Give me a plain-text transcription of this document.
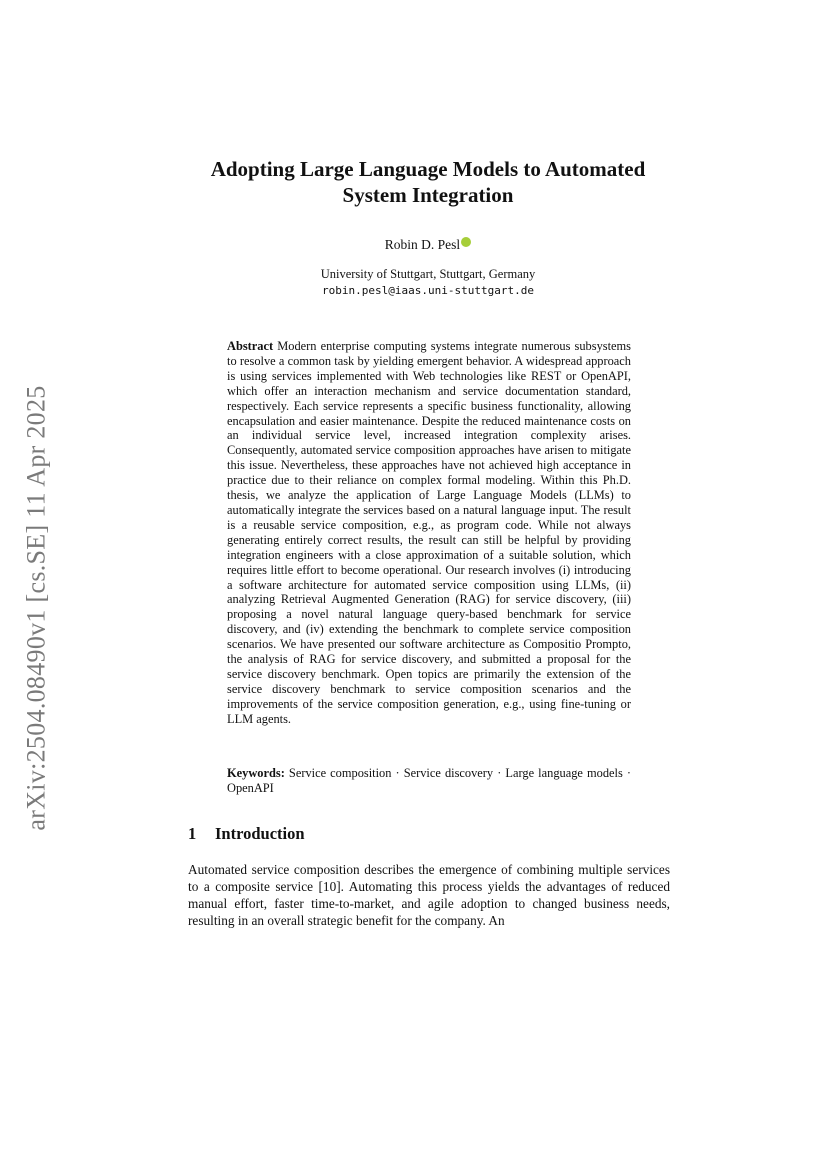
arXiv:2504.08490v1 [cs.SE] 11 Apr 2025
Adopting Large Language Models to Automated
System Integration
Robin D. Pesl
University of Stuttgart, Stuttgart, Germany
robin.pesl@iaas.uni-stuttgart.de

Abstract Modern enterprise computing systems integrate numerous subsystems to resolve a common task by yielding emergent behavior. A widespread approach is using services implemented with Web technologies like REST or OpenAPI, which offer an interaction mechanism and service documentation standard, respectively. Each service represents a specific business functionality, allowing encapsulation and easier maintenance. Despite the reduced maintenance costs on an individual service level, increased integration complexity arises. Consequently, automated service composition approaches have arisen to mitigate this issue. Nevertheless, these approaches have not achieved high acceptance in practice due to their reliance on complex formal modeling. Within this Ph.D. thesis, we analyze the application of Large Language Models (LLMs) to automatically integrate the services based on a natural language input. The result is a reusable service composition, e.g., as program code. While not always generating entirely correct results, the result can still be helpful by providing integration engineers with a close approximation of a suitable solution, which requires little effort to become operational. Our research involves (i) introducing a software architecture for automated service composition using LLMs, (ii) analyzing Retrieval Augmented Generation (RAG) for service discovery, (iii) proposing a novel natural language query-based benchmark for service discovery, and (iv) extending the benchmark to complete service composition scenarios. We have presented our software architecture as Compositio Prompto, the analysis of RAG for service discovery, and submitted a proposal for the service discovery benchmark. Open topics are primarily the extension of the service discovery benchmark to service composition scenarios and the improvements of the service composition generation, e.g., using fine-tuning or LLM agents.

Keywords: Service composition · Service discovery · Large language models · OpenAPI
1 Introduction

Automated service composition describes the emergence of combining multiple services to a composite service [10]. Automating this process yields the advantages of reduced manual effort, faster time-to-market, and agile adoption to changed business needs, resulting in an overall strategic benefit for the company. An
